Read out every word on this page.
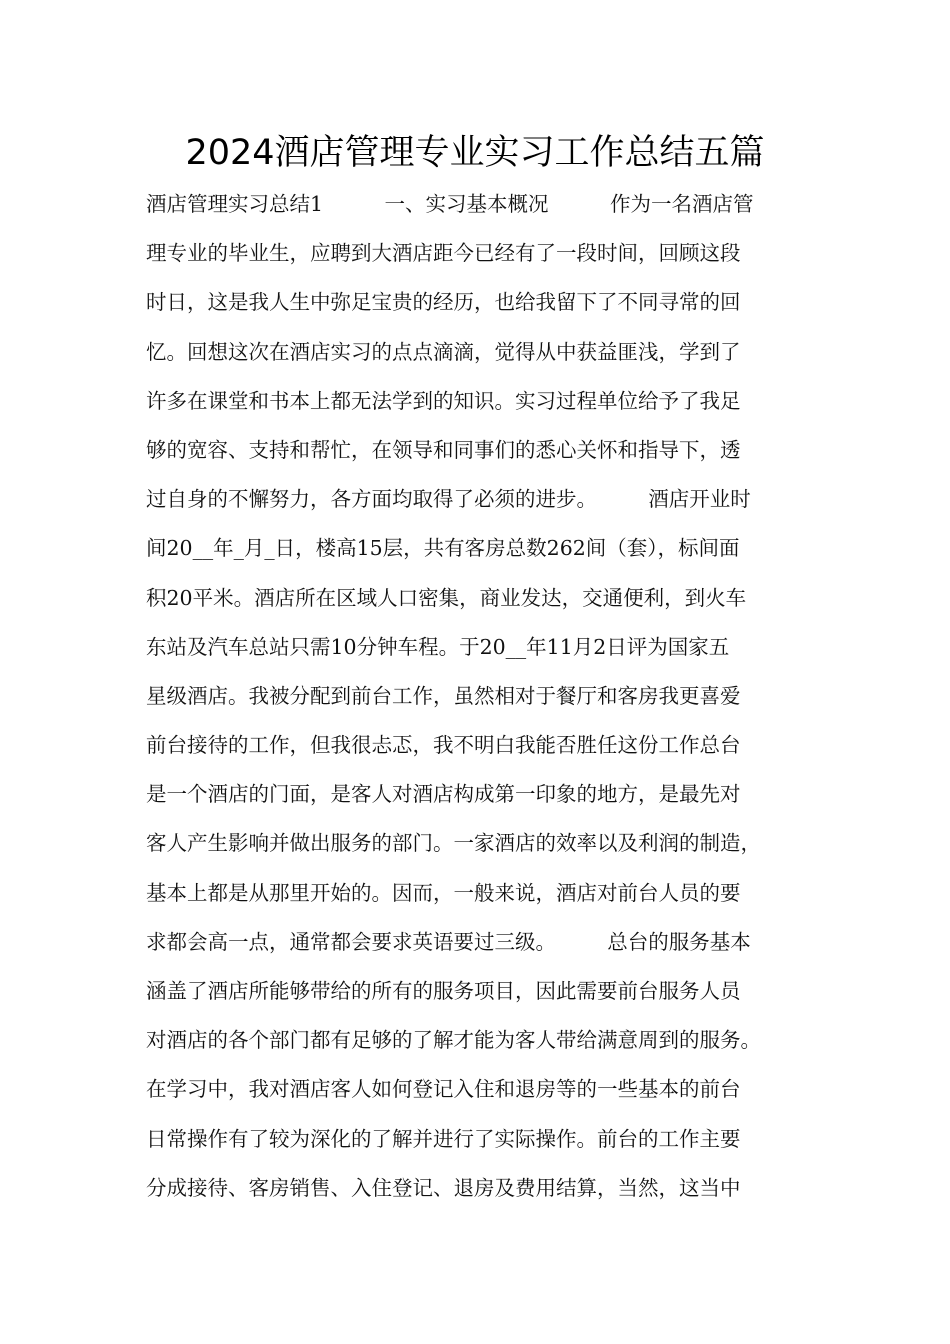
2024酒店管理专业实习工作总结五篇
酒店管理实习总结1　　　一、实习基本概况　　　作为一名酒店管
理专业的毕业生，应聘到大酒店距今已经有了一段时间，回顾这段
时日，这是我人生中弥足宝贵的经历，也给我留下了不同寻常的回
忆。回想这次在酒店实习的点点滴滴，觉得从中获益匪浅，学到了
许多在课堂和书本上都无法学到的知识。实习过程单位给予了我足
够的宽容、支持和帮忙，在领导和同事们的悉心关怀和指导下，透
过自身的不懈努力，各方面均取得了必须的进步。　　　酒店开业时
间20__年_月_日，楼高15层，共有客房总数262间（套），标间面
积20平米。酒店所在区域人口密集，商业发达，交通便利，到火车
东站及汽车总站只需10分钟车程。于20__年11月2日评为国家五
星级酒店。我被分配到前台工作，虽然相对于餐厅和客房我更喜爱
前台接待的工作，但我很忐忑，我不明白我能否胜任这份工作总台
是一个酒店的门面，是客人对酒店构成第一印象的地方，是最先对
客人产生影响并做出服务的部门。一家酒店的效率以及利润的制造，
基本上都是从那里开始的。因而，一般来说，酒店对前台人员的要
求都会高一点，通常都会要求英语要过三级。　　　总台的服务基本
涵盖了酒店所能够带给的所有的服务项目，因此需要前台服务人员
对酒店的各个部门都有足够的了解才能为客人带给满意周到的服务。
在学习中，我对酒店客人如何登记入住和退房等的一些基本的前台
日常操作有了较为深化的了解并进行了实际操作。前台的工作主要
分成接待、客房销售、入住登记、退房及费用结算，当然，这当中
